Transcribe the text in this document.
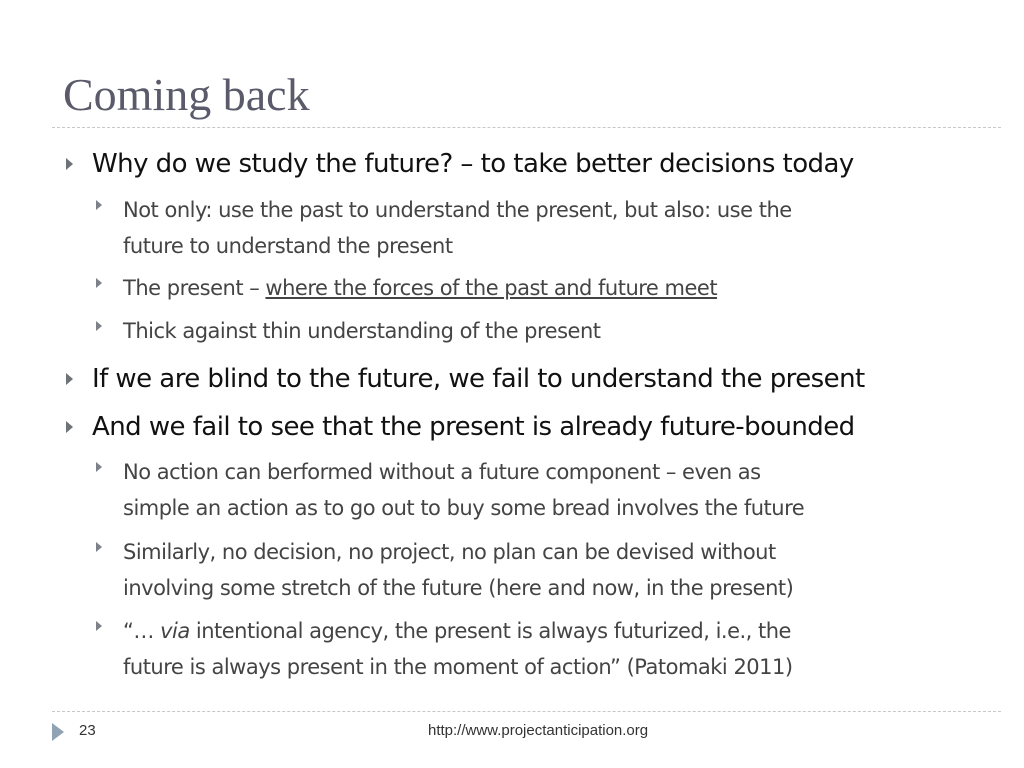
Coming back
Why do we study the future? – to take better decisions today
Not only: use the past to understand the present, but also: use the
future to understand the present
The present – where the forces of the past and future meet
Thick against thin understanding of the present
If we are blind to the future, we fail to understand the present
And we fail to see that the present is already future-bounded
No action can berformed without a future component – even as
simple an action as to go out to buy some bread involves the future
Similarly, no decision, no project, no plan can be devised without
involving some stretch of the future (here and now, in the present)
“… via intentional agency, the present is always futurized, i.e., the
future is always present in the moment of action” (Patomaki 2011)
23	http://www.projectanticipation.org
